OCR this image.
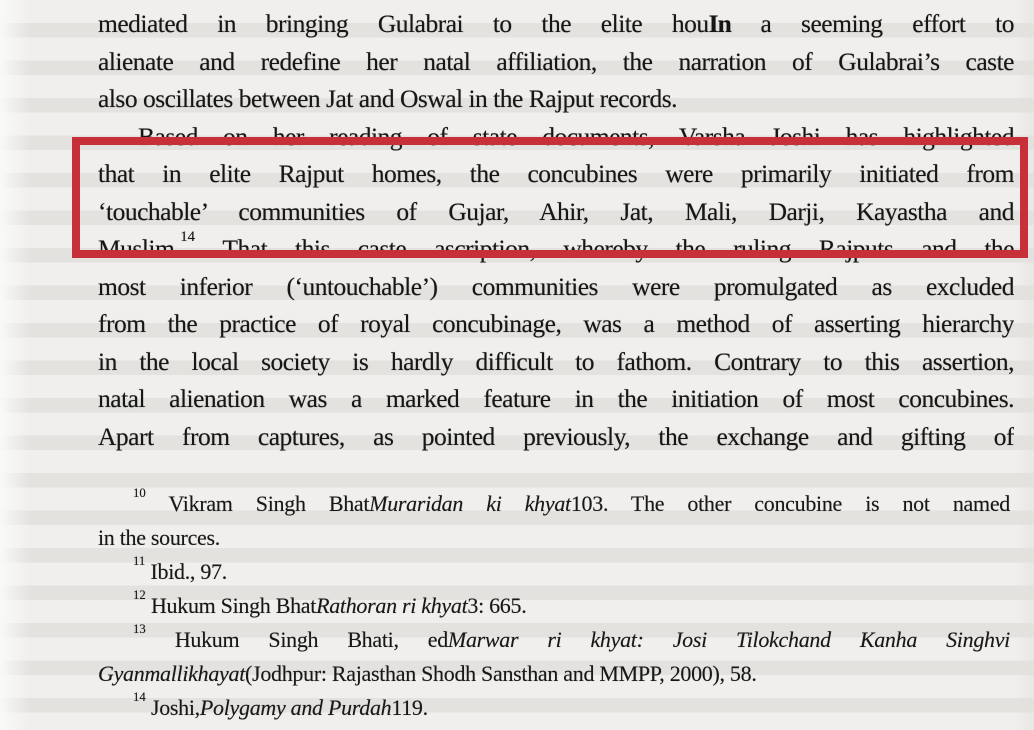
mediated in bringing Gulabrai to the elite houIn a seeming effort to
alienate and redefine her natal affiliation, the narration of Gulabrai’s caste
also oscillates between Jat and Oswal in the Rajput records.
Based on her reading of state documents, Varsha Joshi has highlighted
that in elite Rajput homes, the concubines were primarily initiated from
‘touchable’ communities of Gujar, Ahir, Jat, Mali, Darji, Kayastha and
Muslim.$^{14}$ That this caste ascription, whereby the ruling Rajputs and the
most inferior (‘untouchable’) communities were promulgated as excluded
from the practice of royal concubinage, was a method of asserting hierarchy
in the local society is hardly difficult to fathom. Contrary to this assertion,
natal alienation was a marked feature in the initiation of most concubines.
Apart from captures, as pointed previously, the exchange and gifting of
$^{10}$ Vikram Singh BhatMuraridan ki khyat103. The other concubine is not named
in the sources.
$^{11}$ Ibid., 97.
$^{12}$ Hukum Singh BhatRathoran ri khyat3: 665.
$^{13}$ Hukum Singh Bhati, edMarwar ri khyat: Josi Tilokchand Kanha Singhvi
Gyanmallikhayat(Jodhpur: Rajasthan Shodh Sansthan and MMPP, 2000), 58.
$^{14}$ Joshi,Polygamy and Purdah119.
